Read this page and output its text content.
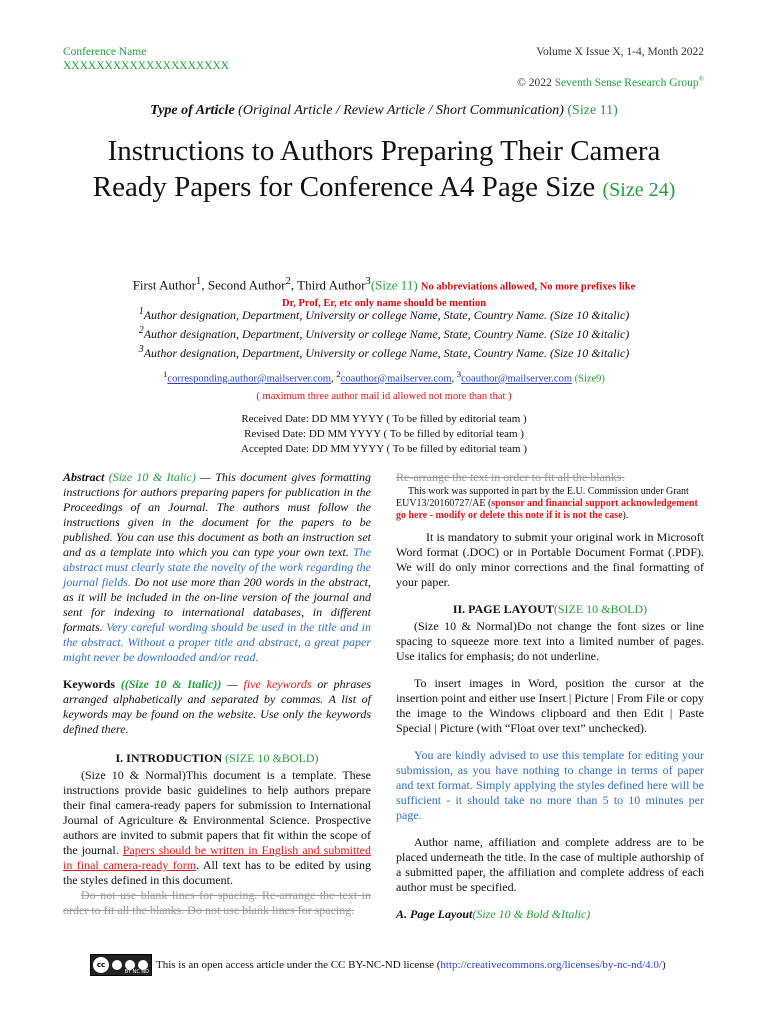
Conference Name
XXXXXXXXXXXXXXXXXXXX
Volume X Issue X, 1-4, Month 2022
© 2022 Seventh Sense Research Group®
Type of Article (Original Article / Review Article / Short Communication) (Size 11)
Instructions to Authors Preparing Their Camera Ready Papers for Conference A4 Page Size (Size 24)
First Author$^1$, Second Author$^2$, Third Author$^3$(Size 11) No abbreviations allowed, No more prefixes like
Dr, Prof, Er, etc only name should be mention
$^1$Author designation, Department, University or college Name, State, Country Name. (Size 10 &italic)
$^2$Author designation, Department, University or college Name, State, Country Name. (Size 10 &italic)
$^3$Author designation, Department, University or college Name, State, Country Name. (Size 10 &italic)
$^1$corresponding.author@mailserver.com, $^2$coauthor@mailserver.com, $^3$coauthor@mailserver.com (Size9)
( maximum three author mail id allowed not more than that )
Received Date: DD MM YYYY ( To be filled by editorial team )
Revised Date: DD MM YYYY ( To be filled by editorial team )
Accepted Date: DD MM YYYY ( To be filled by editorial team )

Abstract (Size 10 & Italic) — This document gives formatting instructions for authors preparing papers for publication in the Proceedings of an Journal. The authors must follow the instructions given in the document for the papers to be published. You can use this document as both an instruction set and as a template into which you can type your own text. The abstract must clearly state the novelty of the work regarding the journal fields. Do not use more than 200 words in the abstract, as it will be included in the on-line version of the journal and sent for indexing to international databases, in different formats. Very careful wording should be used in the title and in the abstract. Without a proper title and abstract, a great paper might never be downloaded and/or read.

Keywords ((Size 10 & Italic)) — five keywords or phrases arranged alphabetically and separated by commas. A list of keywords may be found on the website. Use only the keywords defined there.

I. INTRODUCTION (SIZE 10 &BOLD)

(Size 10 & Normal)This document is a template. These instructions provide basic guidelines to help authors prepare their final camera-ready papers for submission to International Journal of Agriculture & Environmental Science. Prospective authors are invited to submit papers that fit within the scope of the journal. Papers should be written in English and submitted in final camera-ready form. All text has to be edited by using the styles defined in this document.

Do not use blank lines for spacing. Re-arrange the text in order to fit all the blanks. Do not use blank lines for spacing.

Re-arrange the text in order to fit all the blanks.
This work was supported in part by the E.U. Commission under Grant EUV13/20160727/AE (sponsor and financial support acknowledgement go here - modify or delete this note if it is not the case).

It is mandatory to submit your original work in Microsoft Word format (.DOC) or in Portable Document Format (.PDF). We will do only minor corrections and the final formatting of your paper.

II. PAGE LAYOUT(SIZE 10 &BOLD)

(Size 10 & Normal)Do not change the font sizes or line spacing to squeeze more text into a limited number of pages. Use italics for emphasis; do not underline.

To insert images in Word, position the cursor at the insertion point and either use Insert | Picture | From File or copy the image to the Windows clipboard and then Edit | Paste Special | Picture (with “Float over text” unchecked).

You are kindly advised to use this template for editing your submission, as you have nothing to change in terms of paper and text format. Simply applying the styles defined here will be sufficient - it should take no more than 5 to 10 minutes per page.

Author name, affiliation and complete address are to be placed underneath the title. In the case of multiple authorship of a submitted paper, the affiliation and complete address of each author must be specified.

A. Page Layout(Size 10 & Bold &Italic)

cc
BY NC ND
This is an open access article under the CC BY-NC-ND license (http://creativecommons.org/licenses/by-nc-nd/4.0/)
